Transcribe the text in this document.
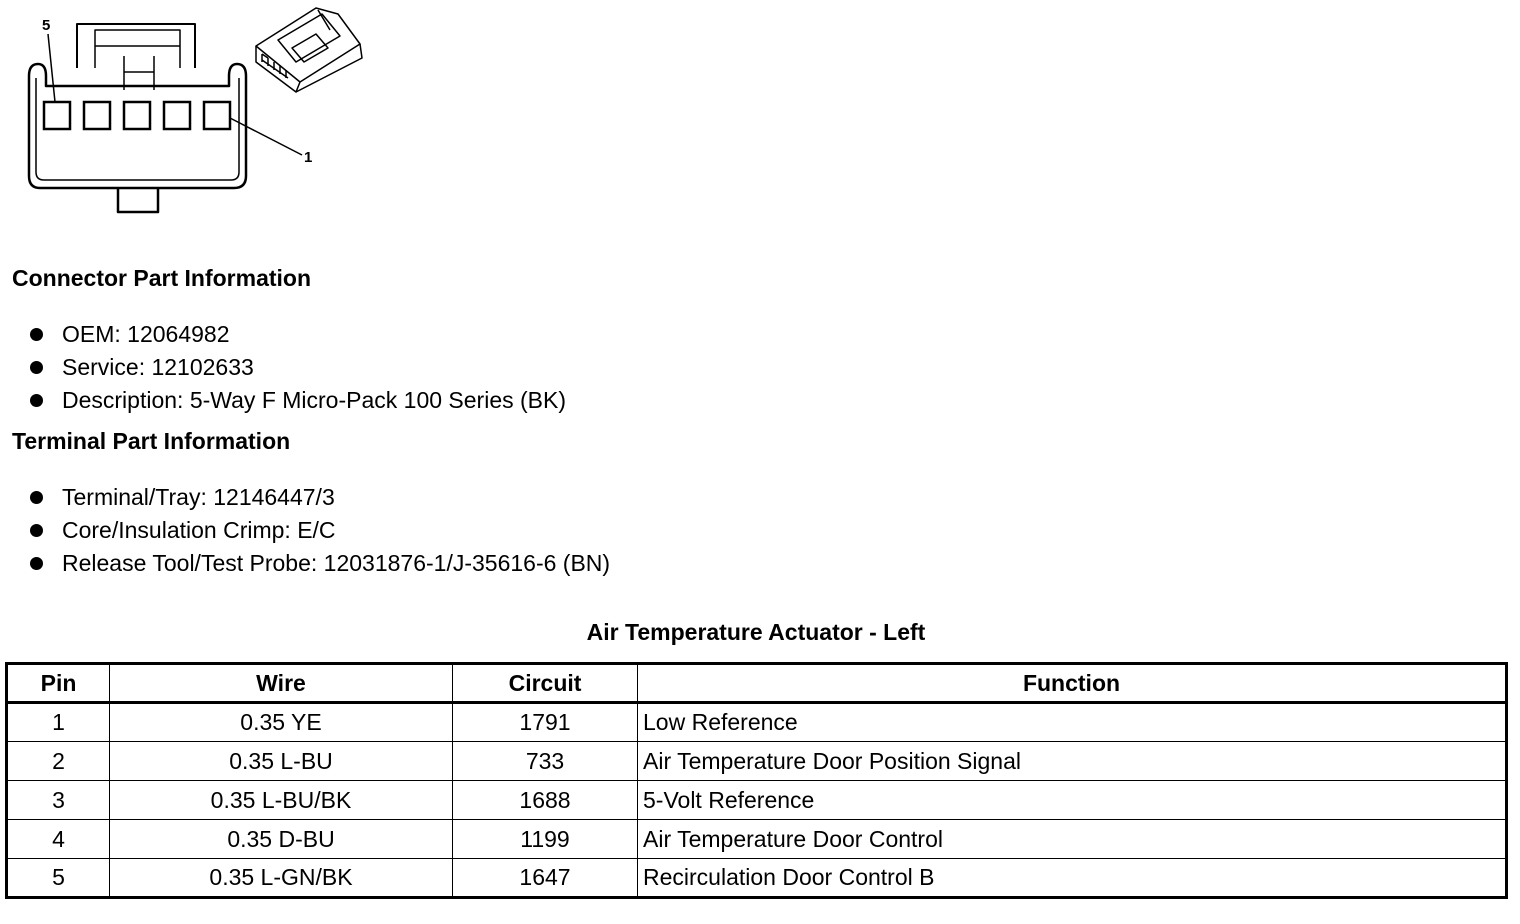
5
1
Connector Part Information
OEM: 12064982
Service: 12102633
Description: 5-Way F Micro-Pack 100 Series (BK)
Terminal Part Information
Terminal/Tray: 12146447/3
Core/Insulation Crimp: E/C
Release Tool/Test Probe: 12031876-1/J-35616-6 (BN)
Air Temperature Actuator - Left
Pin	Wire	Circuit	Function
1	0.35 YE	1791	Low Reference
2	0.35 L-BU	733	Air Temperature Door Position Signal
3	0.35 L-BU/BK	1688	5-Volt Reference
4	0.35 D-BU	1199	Air Temperature Door Control
5	0.35 L-GN/BK	1647	Recirculation Door Control B
